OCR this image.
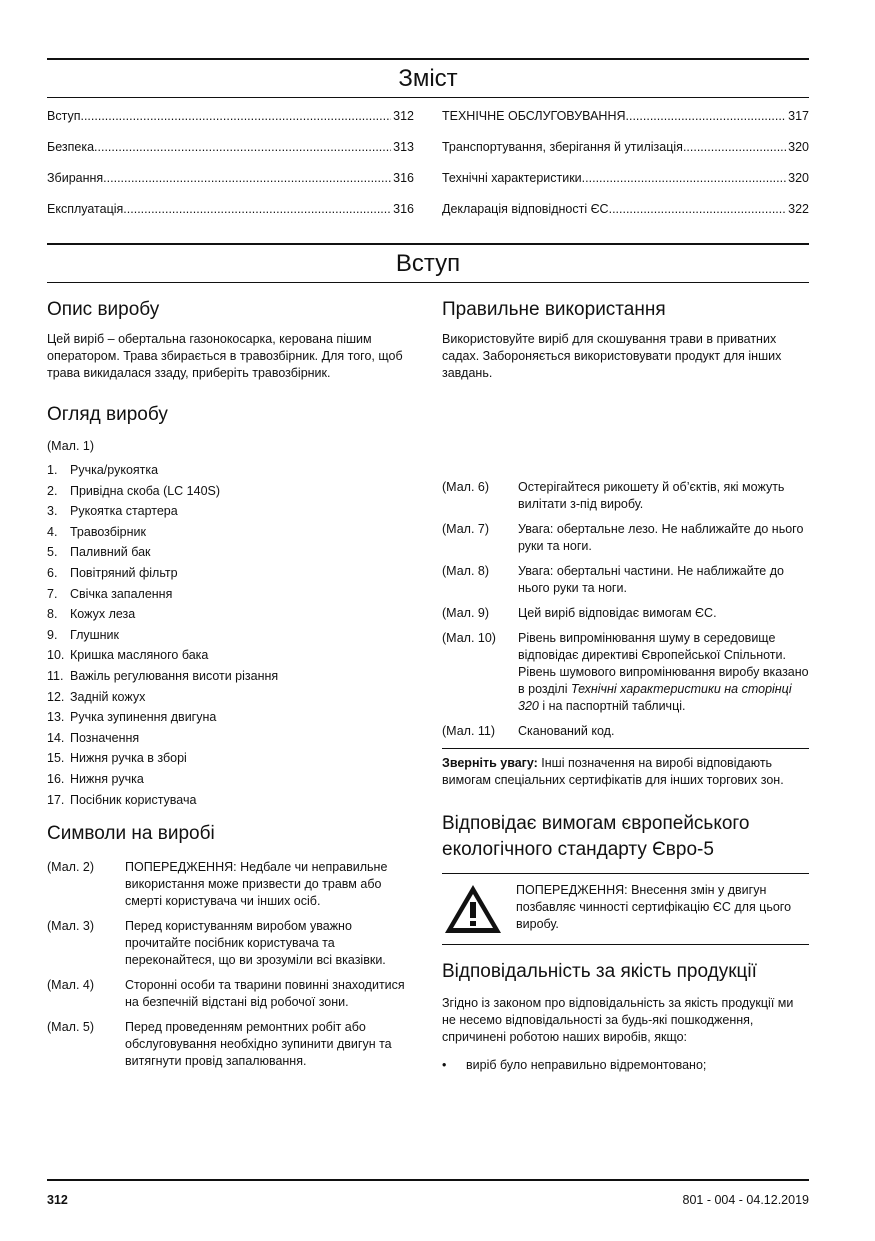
Зміст
Вступ .....	312
Безпека .....	313
Збирання .....	316
Експлуатація .....	316
ТЕХНІЧНЕ ОБСЛУГОВУВАННЯ .....	317
Транспортування, зберігання й утилізація .....	320
Технічні характеристики .....	320
Декларація відповідності ЄС .....	322
Вступ
Опис виробу

Цей виріб – обертальна газонокосарка, керована пішим оператором. Трава збирається в травозбірник. Для того, щоб трава викидалася ззаду, приберіть травозбірник.

Огляд виробу

(Мал. 1)

1.	Ручка/рукоятка
2.	Привідна скоба (LC 140S)
3.	Рукоятка стартера
4.	Травозбірник
5.	Паливний бак
6.	Повітряний фільтр
7.	Свічка запалення
8.	Кожух леза
9.	Глушник
10. Кришка масляного бака
11. Важіль регулювання висоти різання
12. Задній кожух
13. Ручка зупинення двигуна
14. Позначення
15. Нижня ручка в зборі
16. Нижня ручка
17. Посібник користувача
Символи на виробі
(Мал. 2)	ПОПЕРЕДЖЕННЯ: Недбале чи неправильне використання може призвести до травм або смерті користувача чи інших осіб.
(Мал. 3)	Перед користуванням виробом уважно прочитайте посібник користувача та переконайтеся, що ви зрозуміли всі вказівки.
(Мал. 4)	Сторонні особи та тварини повинні знаходитися на безпечній відстані від робочої зони.
(Мал. 5)	Перед проведенням ремонтних робіт або обслуговування необхідно зупинити двигун та витягнути провід запалювання.
Правильне використання

Використовуйте виріб для скошування трави в приватних садах. Забороняється використовувати продукт для інших завдань.

(Мал. 6)	Остерігайтеся рикошету й об’єктів, які можуть вилітати з-під виробу.
(Мал. 7)	Увага: обертальне лезо. Не наближайте до нього руки та ноги.
(Мал. 8)	Увага: обертальні частини. Не наближайте до нього руки та ноги.
(Мал. 9)	Цей виріб відповідає вимогам ЄС.
(Мал. 10)	Рівень випромінювання шуму в середовище відповідає директиві Європейської Спільноти. Рівень шумового випромінювання виробу вказано в розділі Технічні характеристики на сторінці 320 і на паспортній табличці.
(Мал. 11)	Сканований код.

Зверніть увагу: Інші позначення на виробі відповідають вимогам спеціальних сертифікатів для інших торгових зон.

Відповідає вимогам європейського
екологічного стандарту Євро-5

ПОПЕРЕДЖЕННЯ: Внесення змін у двигун позбавляє чинності сертифікацію ЄС для цього виробу.

Відповідальність за якість продукції

Згідно із законом про відповідальність за якість продукції ми не несемо відповідальності за будь-які пошкодження, спричинені роботою наших виробів, якщо:

•	виріб було неправильно відремонтовано;
312	801 - 004 - 04.12.2019
